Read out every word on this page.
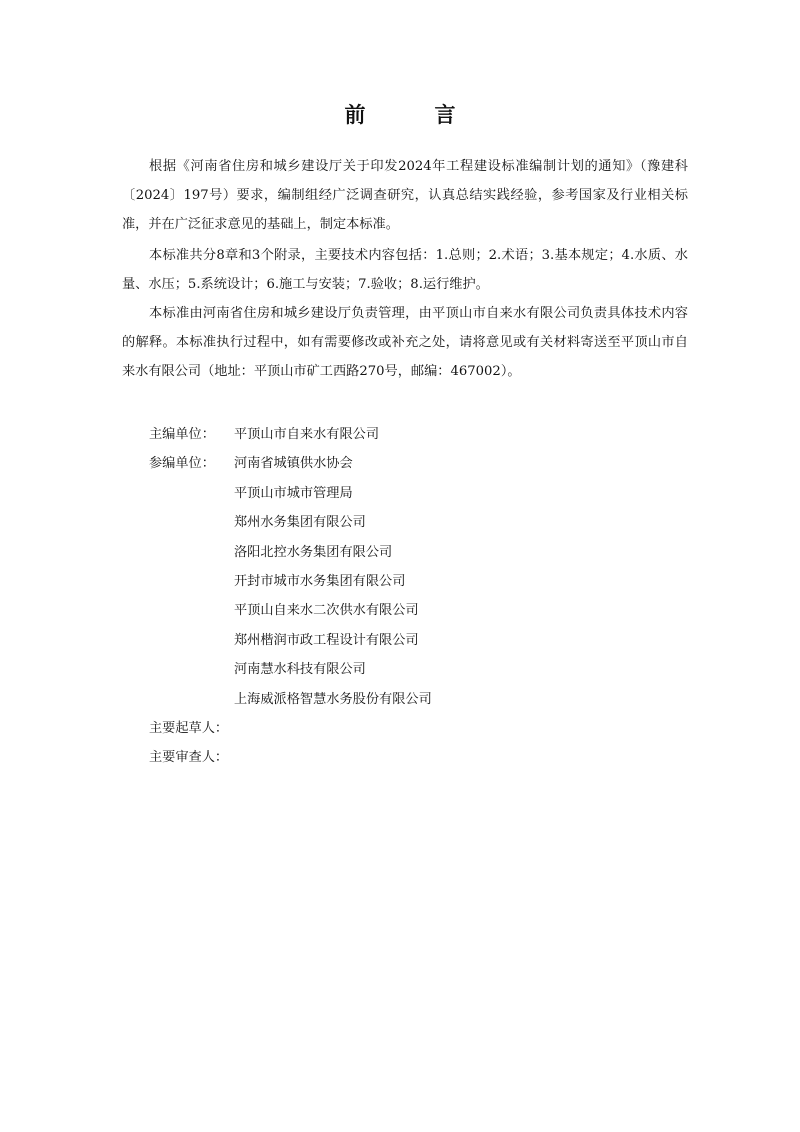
前　言

根据《河南省住房和城乡建设厅关于印发2024年工程建设标准编制计划的通知》（豫建科〔2024〕197号）要求，编制组经广泛调查研究，认真总结实践经验，参考国家及行业相关标准，并在广泛征求意见的基础上，制定本标准。

本标准共分8章和3个附录，主要技术内容包括：1.总则；2.术语；3.基本规定；4.水质、水量、水压；5.系统设计；6.施工与安装；7.验收；8.运行维护。

本标准由河南省住房和城乡建设厅负责管理，由平顶山市自来水有限公司负责具体技术内容的解释。本标准执行过程中，如有需要修改或补充之处，请将意见或有关材料寄送至平顶山市自来水有限公司（地址：平顶山市矿工西路270号，邮编：467002）。

主编单位：	平顶山市自来水有限公司
参编单位：	河南省城镇供水协会
平顶山市城市管理局
郑州水务集团有限公司
洛阳北控水务集团有限公司
开封市城市水务集团有限公司
平顶山自来水二次供水有限公司
郑州楷润市政工程设计有限公司
河南慧水科技有限公司
上海威派格智慧水务股份有限公司
主要起草人：
主要审查人：
